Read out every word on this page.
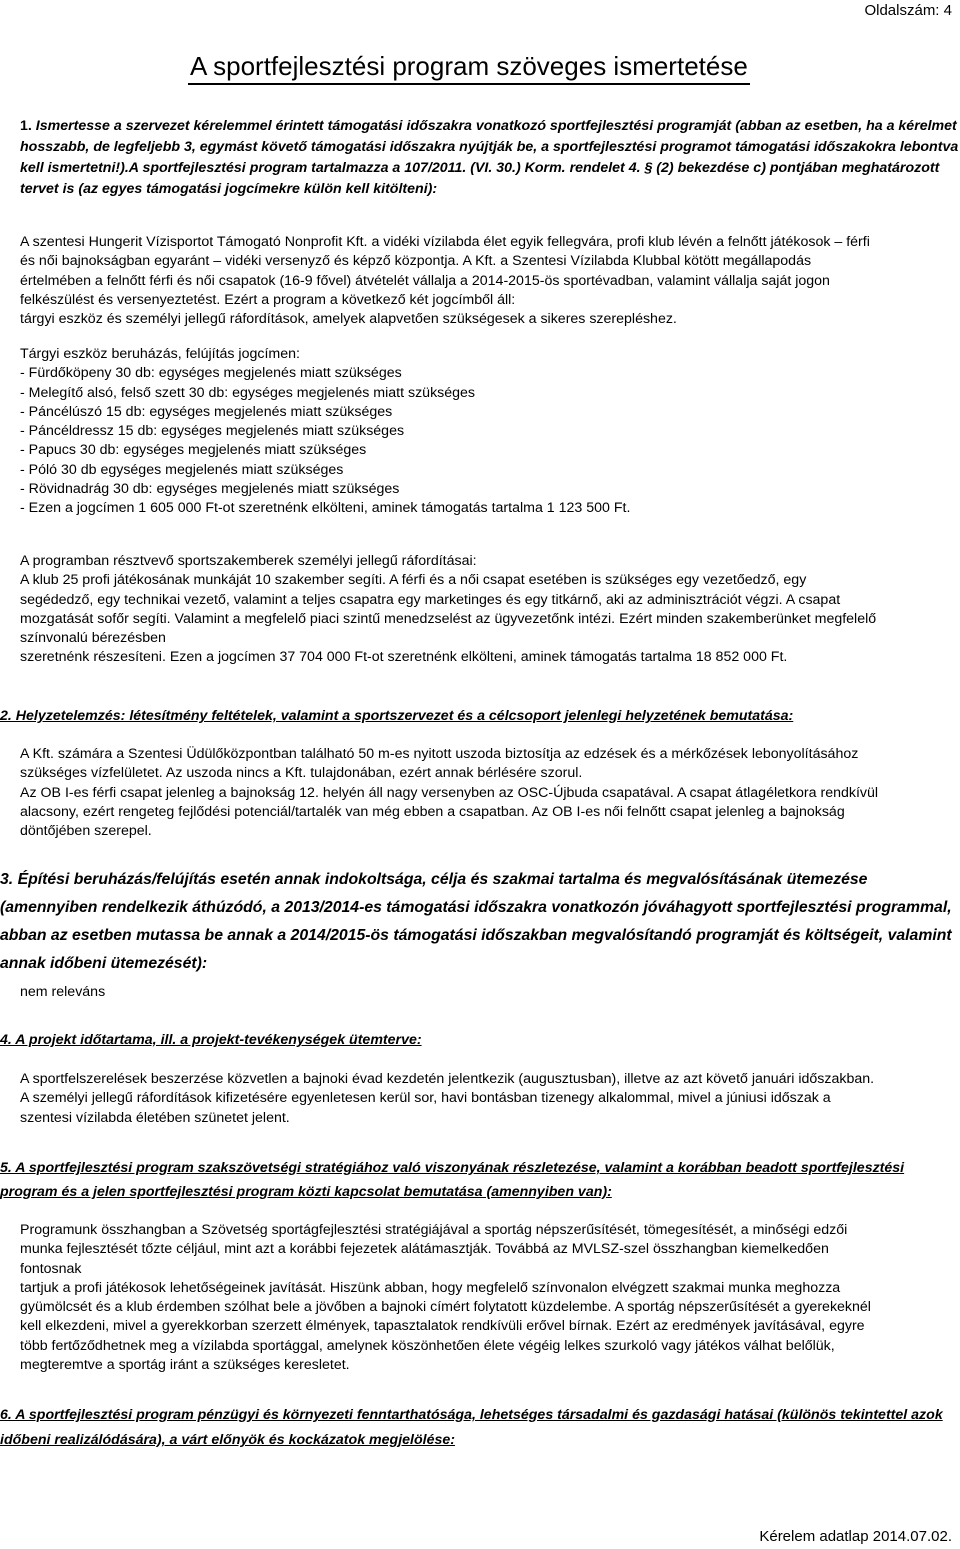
Oldalszám: 4
A sportfejlesztési program szöveges ismertetése
1. Ismertesse a szervezet kérelemmel érintett támogatási időszakra vonatkozó sportfejlesztési programját (abban az esetben, ha a kérelmet hosszabb, de legfeljebb 3, egymást követő támogatási időszakra nyújtják be, a sportfejlesztési programot támogatási időszakokra lebontva kell ismertetni!).A sportfejlesztési program tartalmazza a 107/2011. (VI. 30.) Korm. rendelet 4. § (2) bekezdése c) pontjában meghatározott tervet is (az egyes támogatási jogcímekre külön kell kitölteni):
A szentesi Hungerit Vízisportot Támogató Nonprofit Kft. a vidéki vízilabda élet egyik fellegvára, profi klub lévén a felnőtt játékosok – férfi
és női bajnokságban egyaránt – vidéki versenyző és képző központja. A Kft. a Szentesi Vízilabda Klubbal kötött megállapodás
értelmében a felnőtt férfi és női csapatok (16-9 fővel) átvételét vállalja a 2014-2015-ös sportévadban, valamint vállalja saját jogon
felkészülést és versenyeztetést. Ezért a program a következő két jogcímből áll:
tárgyi eszköz és személyi jellegű ráfordítások, amelyek alapvetően szükségesek a sikeres szerepléshez.
Tárgyi eszköz beruházás, felújítás jogcímen:
- Fürdőköpeny 30 db: egységes megjelenés miatt szükséges
- Melegítő alsó, felső szett 30 db: egységes megjelenés miatt szükséges
- Páncélúszó 15 db: egységes megjelenés miatt szükséges
- Páncéldressz 15 db: egységes megjelenés miatt szükséges
- Papucs 30 db: egységes megjelenés miatt szükséges
- Póló 30 db egységes megjelenés miatt szükséges
- Rövidnadrág 30 db: egységes megjelenés miatt szükséges
- Ezen a jogcímen 1 605 000 Ft-ot szeretnénk elkölteni, aminek támogatás tartalma 1 123 500 Ft.
A programban résztvevő sportszakemberek személyi jellegű ráfordításai:
A klub 25 profi játékosának munkáját 10 szakember segíti. A férfi és a női csapat esetében is szükséges egy vezetőedző, egy
segédedző, egy technikai vezető, valamint a teljes csapatra egy marketinges és egy titkárnő, aki az adminisztrációt végzi. A csapat
mozgatását sofőr segíti. Valamint a megfelelő piaci szintű menedzselést az ügyvezetőnk intézi. Ezért minden szakemberünket megfelelő
színvonalú bérezésben
szeretnénk részesíteni. Ezen a jogcímen 37 704 000 Ft-ot szeretnénk elkölteni, aminek támogatás tartalma 18 852 000 Ft.
2. Helyzetelemzés: létesítmény feltételek, valamint a sportszervezet és a célcsoport jelenlegi helyzetének bemutatása:
A Kft. számára a Szentesi Üdülőközpontban található 50 m-es nyitott uszoda biztosítja az edzések és a mérkőzések lebonyolításához
szükséges vízfelületet. Az uszoda nincs a Kft. tulajdonában, ezért annak bérlésére szorul.
Az OB I-es férfi csapat jelenleg a bajnokság 12. helyén áll nagy versenyben az OSC-Újbuda csapatával. A csapat átlagéletkora rendkívül
alacsony, ezért rengeteg fejlődési potenciál/tartalék van még ebben a csapatban. Az OB I-es női felnőtt csapat jelenleg a bajnokság
döntőjében szerepel.
3. Építési beruházás/felújítás esetén annak indokoltsága, célja és szakmai tartalma és megvalósításának ütemezése (amennyiben rendelkezik áthúzódó, a 2013/2014-es támogatási időszakra vonatkozón jóváhagyott sportfejlesztési programmal, abban az esetben mutassa be annak a 2014/2015-ös támogatási időszakban megvalósítandó programját és költségeit, valamint annak időbeni ütemezését):
nem releváns
4. A projekt időtartama, ill. a projekt-tevékenységek ütemterve:
A sportfelszerelések beszerzése közvetlen a bajnoki évad kezdetén jelentkezik (augusztusban), illetve az azt követő januári időszakban.
A személyi jellegű ráfordítások kifizetésére egyenletesen kerül sor, havi bontásban tizenegy alkalommal, mivel a júniusi időszak a
szentesi vízilabda életében szünetet jelent.
5. A sportfejlesztési program szakszövetségi stratégiához való viszonyának részletezése, valamint a korábban beadott sportfejlesztési program és a jelen sportfejlesztési program közti kapcsolat bemutatása (amennyiben van):
Programunk összhangban a Szövetség sportágfejlesztési stratégiájával a sportág népszerűsítését, tömegesítését, a minőségi edzői
munka fejlesztését tőzte céljául, mint azt a korábbi fejezetek alátámasztják. Továbbá az MVLSZ-szel összhangban kiemelkedően
fontosnak
tartjuk a profi játékosok lehetőségeinek javítását. Hiszünk abban, hogy megfelelő színvonalon elvégzett szakmai munka meghozza
gyümölcsét és a klub érdemben szólhat bele a jövőben a bajnoki címért folytatott küzdelembe. A sportág népszerűsítését a gyerekeknél
kell elkezdeni, mivel a gyerekkorban szerzett élmények, tapasztalatok rendkívüli erővel bírnak. Ezért az eredmények javításával, egyre
több fertőződhetnek meg a vízilabda sportággal, amelynek köszönhetően élete végéig lelkes szurkoló vagy játékos válhat belőlük,
megteremtve a sportág iránt a szükséges keresletet.
6. A sportfejlesztési program pénzügyi és környezeti fenntarthatósága, lehetséges társadalmi és gazdasági hatásai (különös tekintettel azok időbeni realizálódására), a várt előnyök és kockázatok megjelölése:
Kérelem adatlap 2014.07.02.
